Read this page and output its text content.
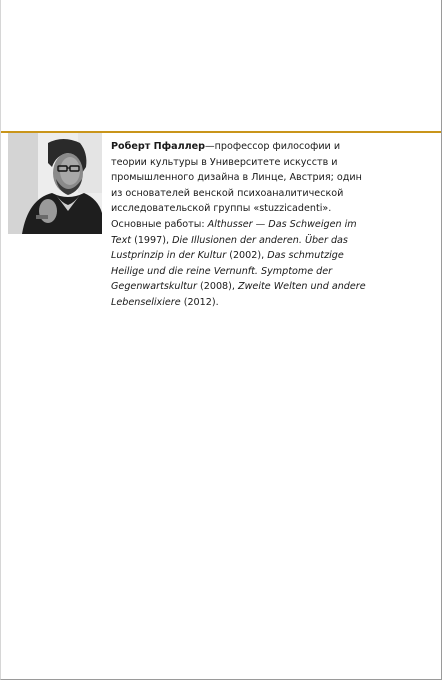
Роберт Пфаллер—профессор философии и теории культуры в Университете искусств и промышленного дизайна в Линце, Австрия; один из основателей венской психоаналитической исследовательской группы «stuzzicadenti».

Основные работы: Althusser — Das Schweigen im Text (1997), Die Illusionen der anderen. Über das Lustprinzip in der Kultur (2002), Das schmutzige Heilige und die reine Vernunft. Symptome der Gegenwartskultur (2008), Zweite Welten und andere Lebenselixiere (2012).
